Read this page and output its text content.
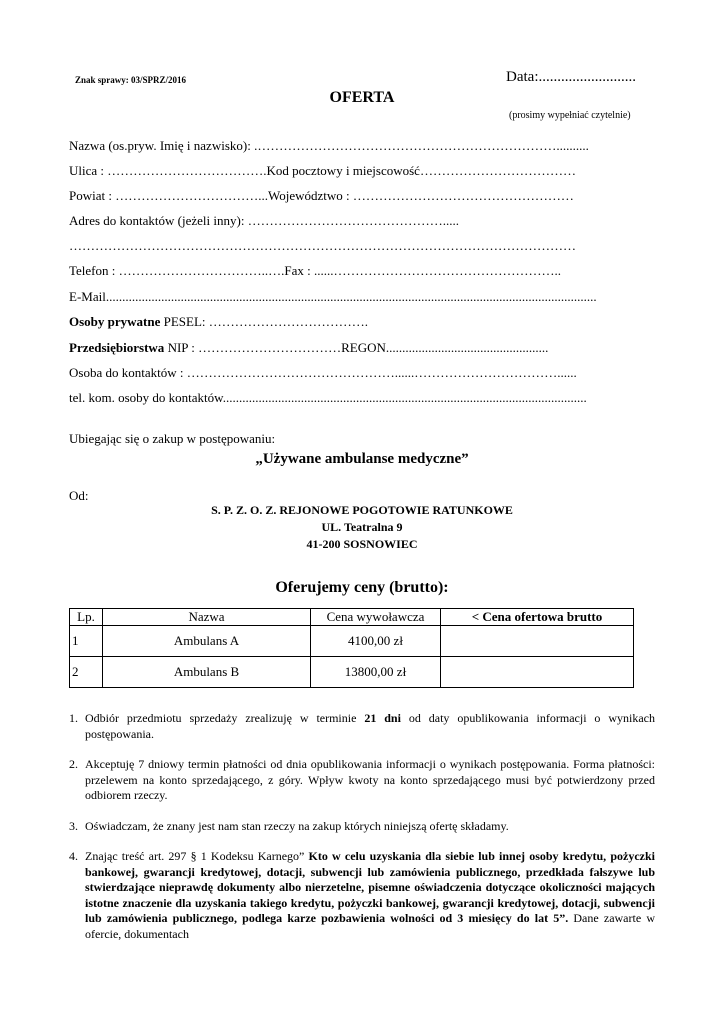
Znak sprawy: 03/SPRZ/2016	Data:..........................
OFERTA
(prosimy wypełniać czytelnie)
Nazwa (os.pryw. Imię i nazwisko): .……………………………………………………………..........
Ulica : ……………………………….Kod pocztowy i miejscowość………………………………
Powiat : ……………………………...Województwo : ……………………………………………
Adres do kontaktów (jeżeli inny): ……………………………………….....
………………………………………………………………………………………………………
Telefon : ……………………………..….Fax : ......……………………………………………..
E-Mail.......................................................................................................................................................
Osoby prywatne PESEL: ……………………………….
Przedsiębiorstwa NIP : ……………………………REGON..................................................
Osoba do kontaktów : …………………………………………......……………………………......
tel. kom. osoby do kontaktów................................................................................................................
Ubiegając się o zakup w postępowaniu:
„Używane ambulanse medyczne”
Od:
S. P. Z. O. Z. REJONOWE POGOTOWIE RATUNKOWE
UL. Teatralna 9
41-200 SOSNOWIEC
Oferujemy ceny (brutto):
Lp.	Nazwa	Cena wywoławcza	< Cena ofertowa brutto
1	Ambulans A	4100,00 zł	
2	Ambulans B	13800,00 zł	
1. Odbiór przedmiotu sprzedaży zrealizuję w terminie 21 dni od daty opublikowania informacji o wynikach postępowania.
2. Akceptuję 7 dniowy termin płatności od dnia opublikowania informacji o wynikach postępowania. Forma płatności: przelewem na konto sprzedającego, z góry. Wpływ kwoty na konto sprzedającego musi być potwierdzony przed odbiorem rzeczy.
3. Oświadczam, że znany jest nam stan rzeczy na zakup których niniejszą ofertę składamy.
4. Znając treść art. 297 § 1 Kodeksu Karnego” Kto w celu uzyskania dla siebie lub innej osoby kredytu, pożyczki bankowej, gwarancji kredytowej, dotacji, subwencji lub zamówienia publicznego, przedkłada fałszywe lub stwierdzające nieprawdę dokumenty albo nierzetelne, pisemne oświadczenia dotyczące okoliczności mających istotne znaczenie dla uzyskania takiego kredytu, pożyczki bankowej, gwarancji kredytowej, dotacji, subwencji lub zamówienia publicznego, podlega karze pozbawienia wolności od 3 miesięcy do lat 5”. Dane zawarte w ofercie, dokumentach
